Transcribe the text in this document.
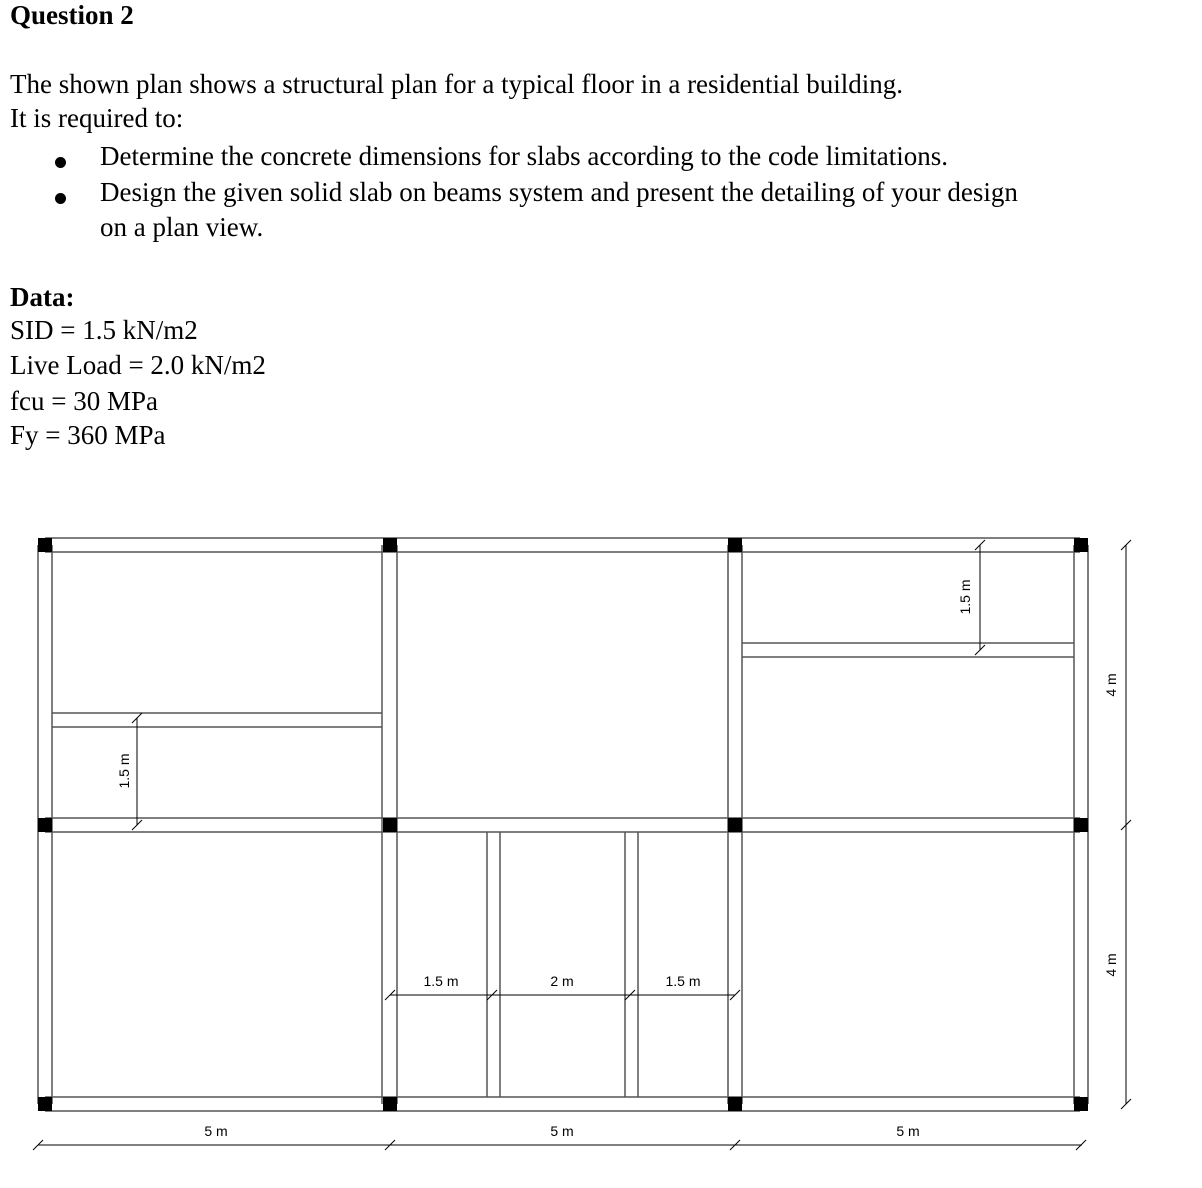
Question 2

The shown plan shows a structural plan for a typical floor in a residential building.

It is required to:

Determine the concrete dimensions for slabs according to the code limitations.

Design the given solid slab on beams system and present the detailing of your design

on a plan view.

Data:

SID = 1.5 kN/m2

Live Load = 2.0 kN/m2

fcu = 30 MPa

Fy = 360 MPa

5 m	5 m	5 m
4 m
4 m
1.5 m
1.5 m
1.5 m	2 m	1.5 m
